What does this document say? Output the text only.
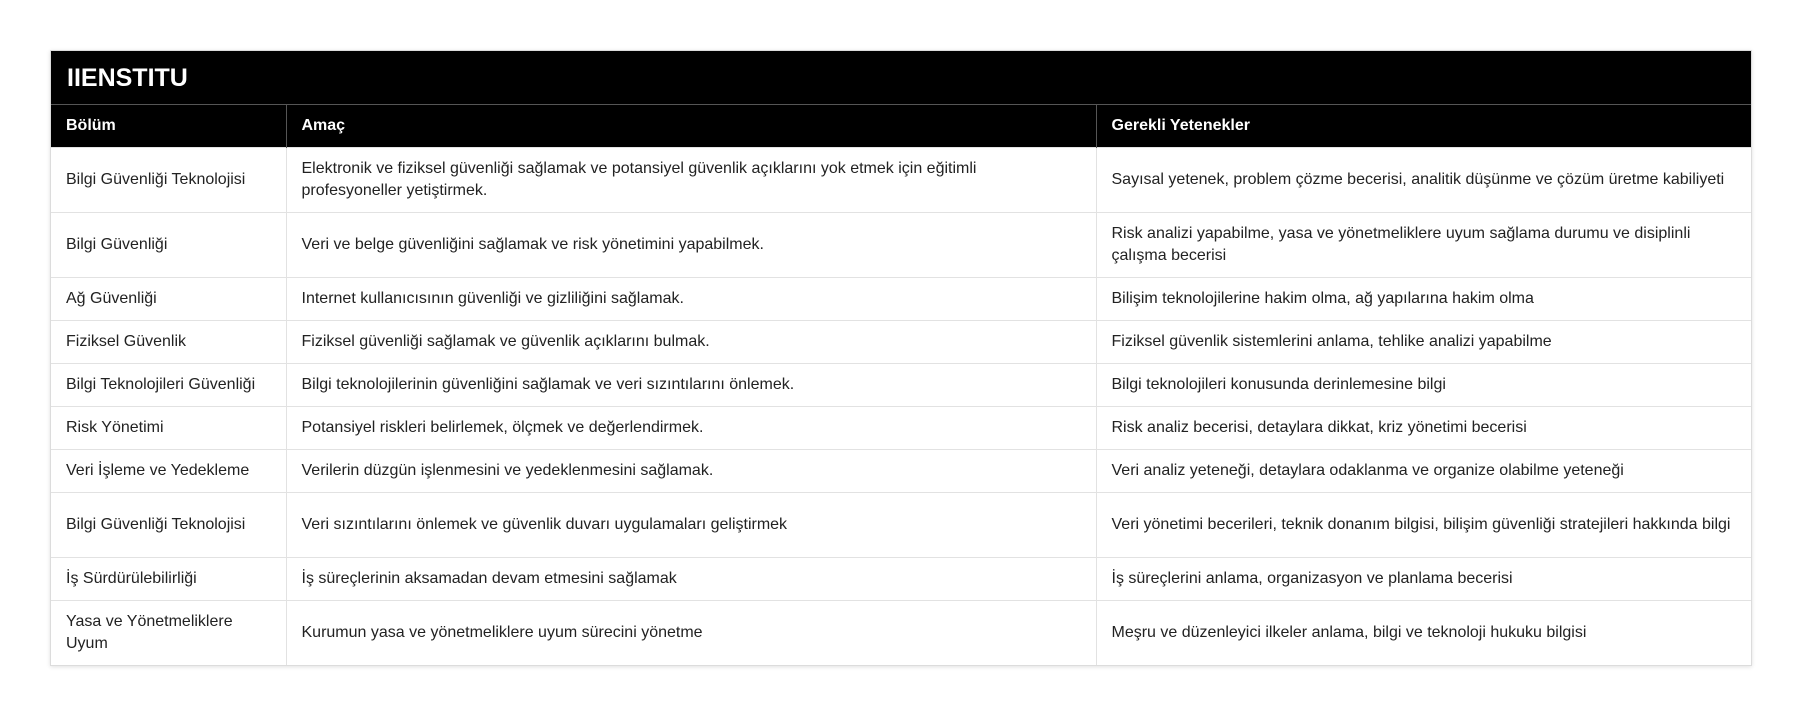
IIENSTITU
Bölüm	Amaç	Gerekli Yetenekler
Bilgi Güvenliği Teknolojisi	Elektronik ve fiziksel güvenliği sağlamak ve potansiyel güvenlik açıklarını yok etmek için eğitimli profesyoneller yetiştirmek.	Sayısal yetenek, problem çözme becerisi, analitik düşünme ve çözüm üretme kabiliyeti
Bilgi Güvenliği	Veri ve belge güvenliğini sağlamak ve risk yönetimini yapabilmek.	Risk analizi yapabilme, yasa ve yönetmeliklere uyum sağlama durumu ve disiplinli çalışma becerisi
Ağ Güvenliği	Internet kullanıcısının güvenliği ve gizliliğini sağlamak.	Bilişim teknolojilerine hakim olma, ağ yapılarına hakim olma
Fiziksel Güvenlik	Fiziksel güvenliği sağlamak ve güvenlik açıklarını bulmak.	Fiziksel güvenlik sistemlerini anlama, tehlike analizi yapabilme
Bilgi Teknolojileri Güvenliği	Bilgi teknolojilerinin güvenliğini sağlamak ve veri sızıntılarını önlemek.	Bilgi teknolojileri konusunda derinlemesine bilgi
Risk Yönetimi	Potansiyel riskleri belirlemek, ölçmek ve değerlendirmek.	Risk analiz becerisi, detaylara dikkat, kriz yönetimi becerisi
Veri İşleme ve Yedekleme	Verilerin düzgün işlenmesini ve yedeklenmesini sağlamak.	Veri analiz yeteneği, detaylara odaklanma ve organize olabilme yeteneği
Bilgi Güvenliği Teknolojisi	Veri sızıntılarını önlemek ve güvenlik duvarı uygulamaları geliştirmek	Veri yönetimi becerileri, teknik donanım bilgisi, bilişim güvenliği stratejileri hakkında bilgi
İş Sürdürülebilirliği	İş süreçlerinin aksamadan devam etmesini sağlamak	İş süreçlerini anlama, organizasyon ve planlama becerisi
Yasa ve Yönetmeliklere Uyum	Kurumun yasa ve yönetmeliklere uyum sürecini yönetme	Meşru ve düzenleyici ilkeler anlama, bilgi ve teknoloji hukuku bilgisi
